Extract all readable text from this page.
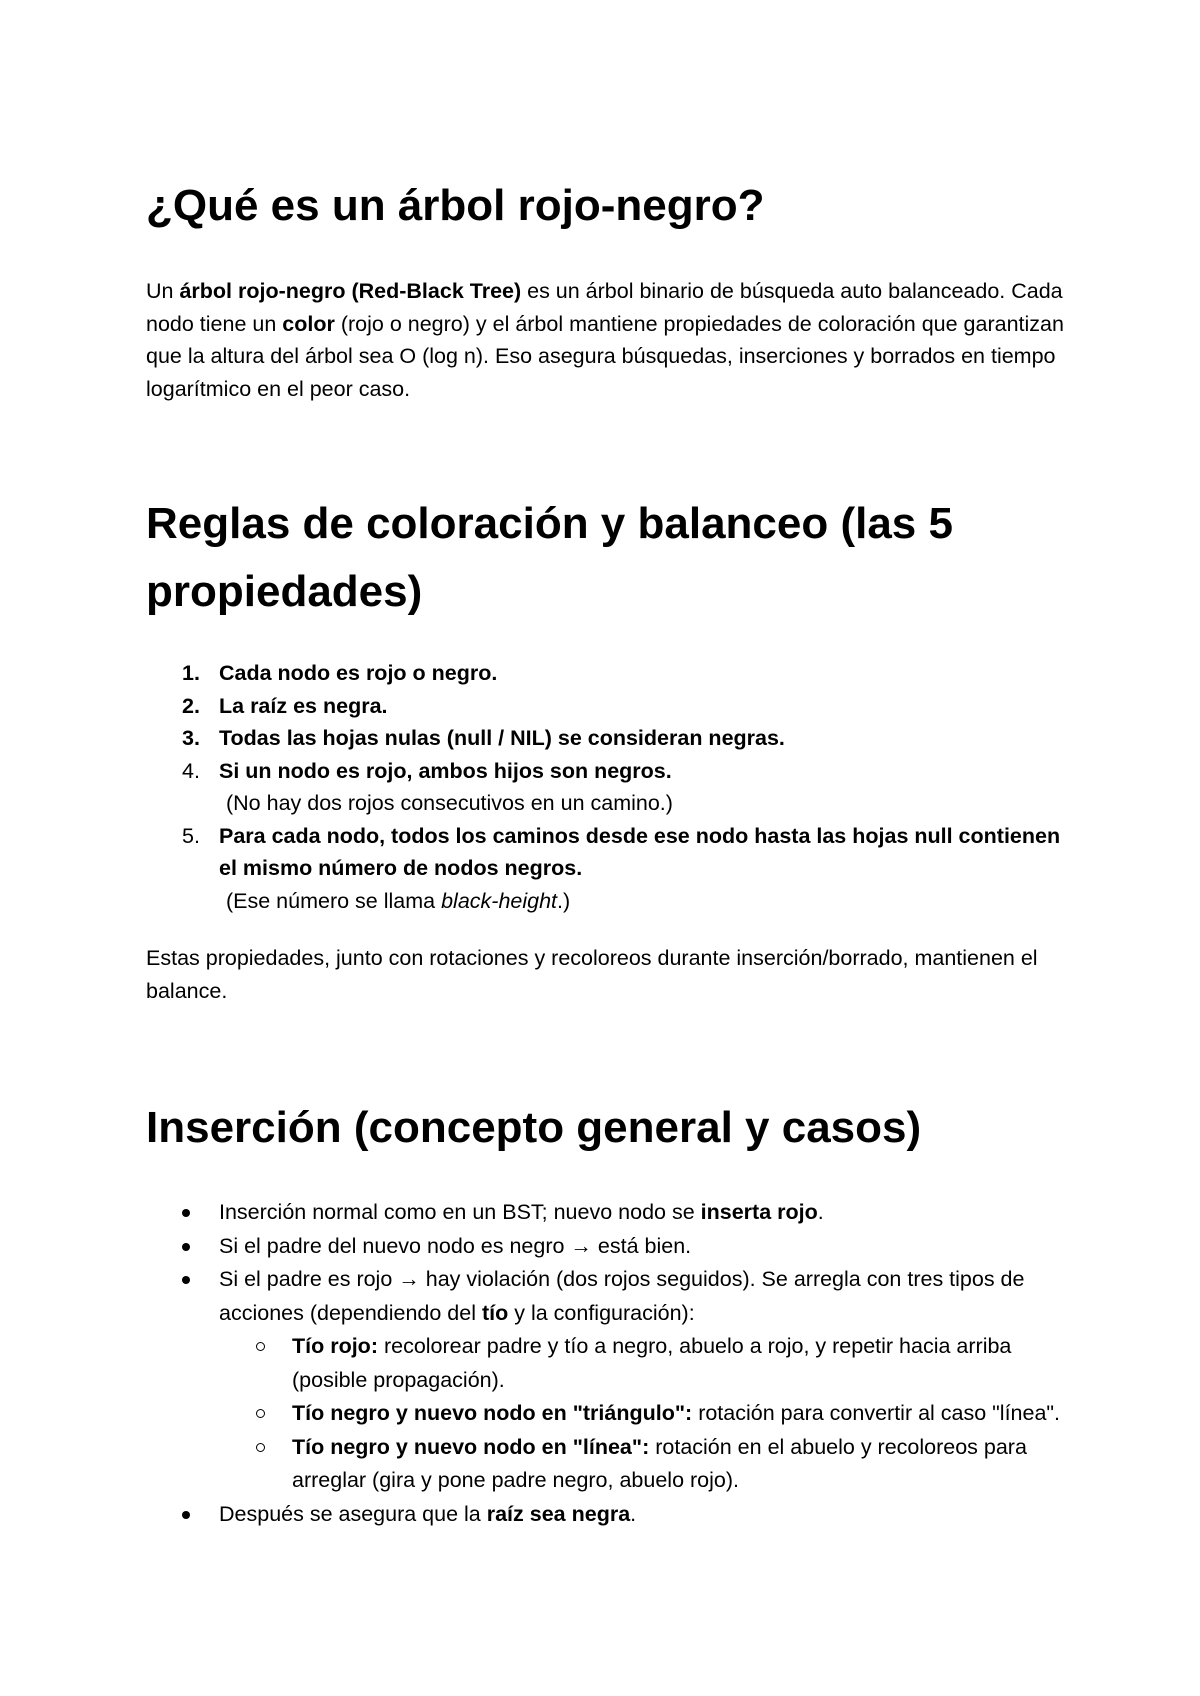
¿Qué es un árbol rojo-negro?

Un árbol rojo-negro (Red-Black Tree) es un árbol binario de búsqueda auto balanceado. Cada nodo tiene un color (rojo o negro) y el árbol mantiene propiedades de coloración que garantizan que la altura del árbol sea O (log n). Eso asegura búsquedas, inserciones y borrados en tiempo logarítmico en el peor caso.

Reglas de coloración y balanceo (las 5 propiedades)
1. Cada nodo es rojo o negro.
2. La raíz es negra.
3. Todas las hojas nulas (null / NIL) se consideran negras.
4. Si un nodo es rojo, ambos hijos son negros.
(No hay dos rojos consecutivos en un camino.)
5. Para cada nodo, todos los caminos desde ese nodo hasta las hojas null contienen el mismo número de nodos negros.
(Ese número se llama black-height.)

Estas propiedades, junto con rotaciones y recoloreos durante inserción/borrado, mantienen el balance.

Inserción (concepto general y casos)
Inserción normal como en un BST; nuevo nodo se inserta rojo.
Si el padre del nuevo nodo es negro → está bien.
Si el padre es rojo → hay violación (dos rojos seguidos). Se arregla con tres tipos de acciones (dependiendo del tío y la configuración):
Tío rojo: recolorear padre y tío a negro, abuelo a rojo, y repetir hacia arriba (posible propagación).
Tío negro y nuevo nodo en "triángulo": rotación para convertir al caso "línea".
Tío negro y nuevo nodo en "línea": rotación en el abuelo y recoloreos para arreglar (gira y pone padre negro, abuelo rojo).
Después se asegura que la raíz sea negra.
